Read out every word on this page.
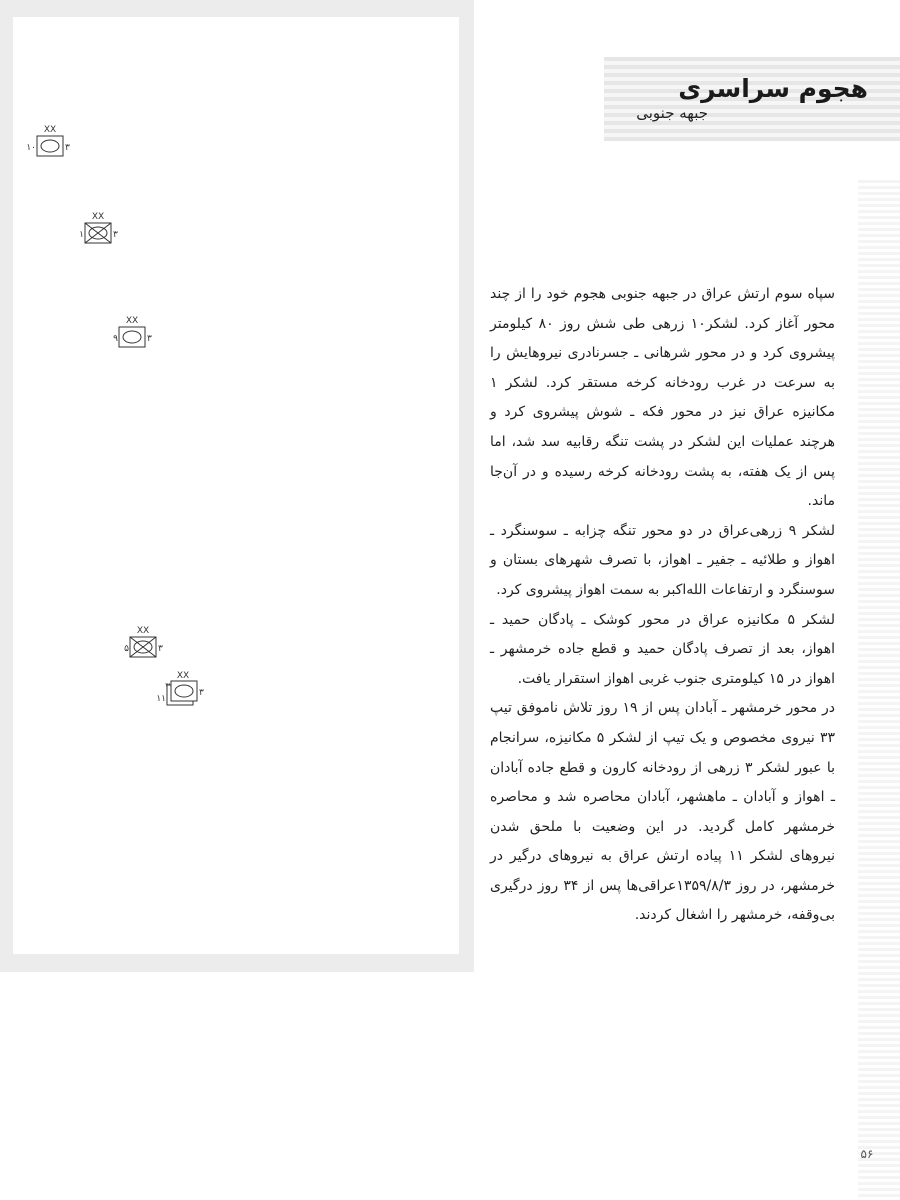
XX
۱۰	۳
XX
۱	۳
XX
۹	۳
XX
۵	۳
XX
۱۱
۳
۳
هجوم سراسری
جبهه جنوبی

سپاه سوم ارتش عراق در جبهه جنوبی هجوم خود را از چند محور آغاز کرد. لشکر۱۰ زرهی طی شش روز ۸۰ کیلومتر پیشروی کرد و در محور شرهانی ـ جسرنادری نیروهایش را به سرعت در غرب رودخانه کرخه مستقر کرد. لشکر ۱ مکانیزه عراق نیز در محور فکه ـ شوش پیشروی کرد و هرچند عملیات این لشکر در پشت تنگه رقابیه سد شد، اما پس از یک هفته، به پشت رودخانه کرخه رسیده و در آن‌جا ماند.

لشکر ۹ زرهی‌عراق در دو محور تنگه چزابه ـ سوسنگرد ـ اهواز و طلائیه ـ جفیر ـ اهواز، با تصرف شهرهای بستان و سوسنگرد و ارتفاعات الله‌اکبر به سمت اهواز پیشروی کرد.

لشکر ۵ مکانیزه عراق در محور کوشک ـ پادگان حمید ـ اهواز، بعد از تصرف پادگان حمید و قطع جاده خرمشهر ـ اهواز در ۱۵ کیلومتری جنوب غربی اهواز استقرار یافت.

در محور خرمشهر ـ آبادان پس از ۱۹ روز تلاش ناموفق تیپ ۳۳ نیروی مخصوص و یک تیپ از لشکر ۵ مکانیزه، سرانجام با عبور لشکر ۳ زرهی از رودخانه کارون و قطع جاده آبادان ـ اهواز و آبادان ـ ماهشهر، آبادان محاصره شد و محاصره خرمشهر کامل گردید. در این وضعیت با ملحق شدن نیروهای لشکر ۱۱ پیاده ارتش عراق به نیروهای درگیر در خرمشهر، در روز ۱۳۵۹/۸/۳عراقی‌ها پس از ۳۴ روز درگیری بی‌وقفه، خرمشهر را اشغال کردند.

۵۶
